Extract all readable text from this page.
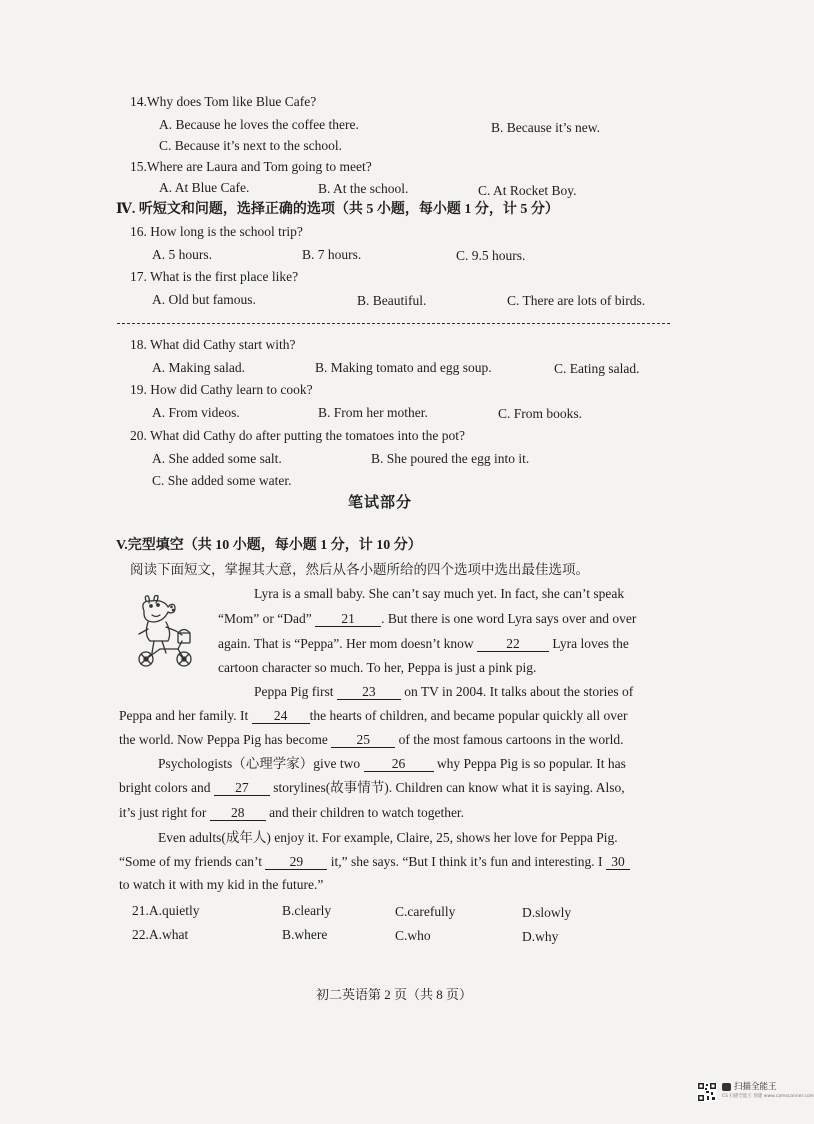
14.Why does Tom like Blue Cafe?
A. Because he loves the coffee there.	B. Because it’s new.
C. Because it’s next to the school.
15.Where are Laura and Tom going to meet?
A. At Blue Cafe.	B. At the school.	C. At Rocket Boy.
Ⅳ. 听短文和问题，选择正确的选项（共 5 小题，每小题 1 分，计 5 分）
16. How long is the school trip?
A. 5 hours.	B. 7 hours.	C. 9.5 hours.
17. What is the first place like?
A. Old but famous.	B. Beautiful.	C. There are lots of birds.
18. What did Cathy start with?
A. Making salad.	B. Making tomato and egg soup.	C. Eating salad.
19. How did Cathy learn to cook?
A. From videos.	B. From her mother.	C. From books.
20. What did Cathy do after putting the tomatoes into the pot?
A. She added some salt.	B. She poured the egg into it.
C. She added some water.
笔试部分
V.完型填空（共 10 小题，每小题 1 分，计 10 分）
阅读下面短文，掌握其大意，然后从各小题所给的四个选项中选出最佳选项。
Lyra is a small baby. She can’t say much yet. In fact, she can’t speak
“Mom” or “Dad” 21 . But there is one word Lyra says over and over
again. That is “Peppa”. Her mom doesn’t know 22 Lyra loves the
cartoon character so much. To her, Peppa is just a pink pig.
Peppa Pig first 23 on TV in 2004. It talks about the stories of
Peppa and her family. It 24 the hearts of children, and became popular quickly all over
the world. Now Peppa Pig has become 25 of the most famous cartoons in the world.
Psychologists（心理学家）give two 26 why Peppa Pig is so popular. It has
bright colors and 27 storylines(故事情节). Children can know what it is saying. Also,
it’s just right for 28 and their children to watch together.
Even adults(成年人) enjoy it. For example, Claire, 25, shows her love for Peppa Pig.
“Some of my friends can’t 29 it,” she says. “But I think it’s fun and interesting. I 30
to watch it with my kid in the future.”
21.A.quietly	B.clearly	C.carefully	D.slowly
22.A.what	B.where	C.who	D.why
初二英语第 2 页（共 8 页）
扫描全能王
CS 扫描全能王 创建 www.camscanner.com
